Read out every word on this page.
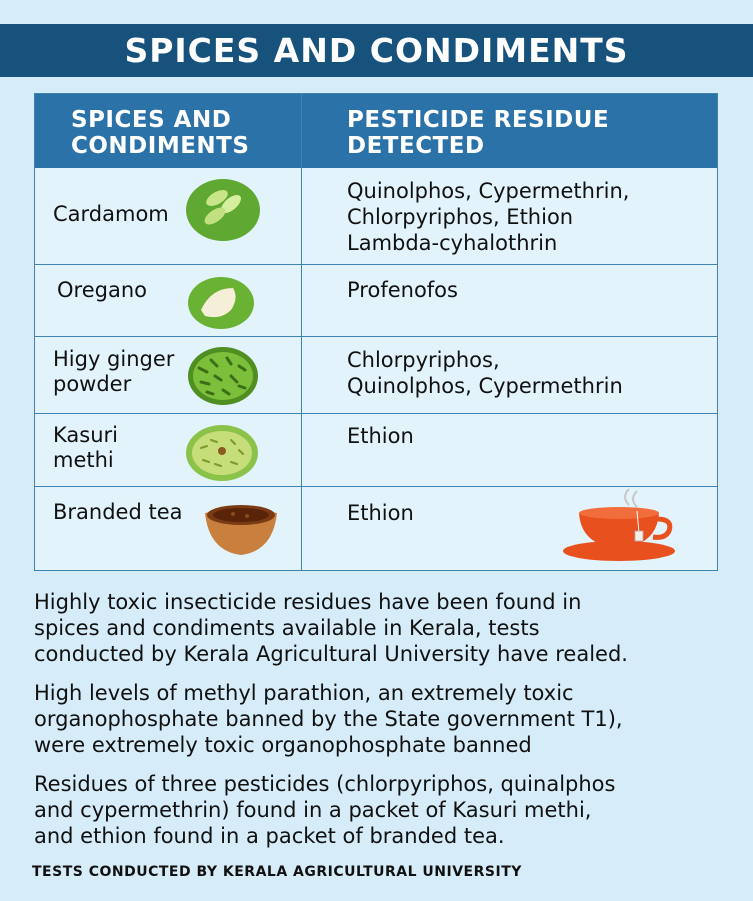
SPICES AND CONDIMENTS
SPICES AND
CONDIMENTS
PESTICIDE RESIDUE
DETECTED
Cardamom
Quinolphos, Cypermethrin,
Chlorpyriphos, Ethion
Lambda-cyhalothrin
Oregano	Profenofos
Higy ginger
powder
Chlorpyriphos,
Quinolphos, Cypermethrin
Kasuri
methi
Ethion
Branded tea	Ethion
Highly toxic insecticide residues have been found in
spices and condiments available in Kerala, tests
conducted by Kerala Agricultural University have realed.
High levels of methyl parathion, an extremely toxic
organophosphate banned by the State government T1),
were extremely toxic organophosphate banned
Residues of three pesticides (chlorpyriphos, quinalphos
and cypermethrin) found in a packet of Kasuri methi,
and ethion found in a packet of branded tea.
TESTS CONDUCTED BY KERALA AGRICULTURAL UNIVERSITY
